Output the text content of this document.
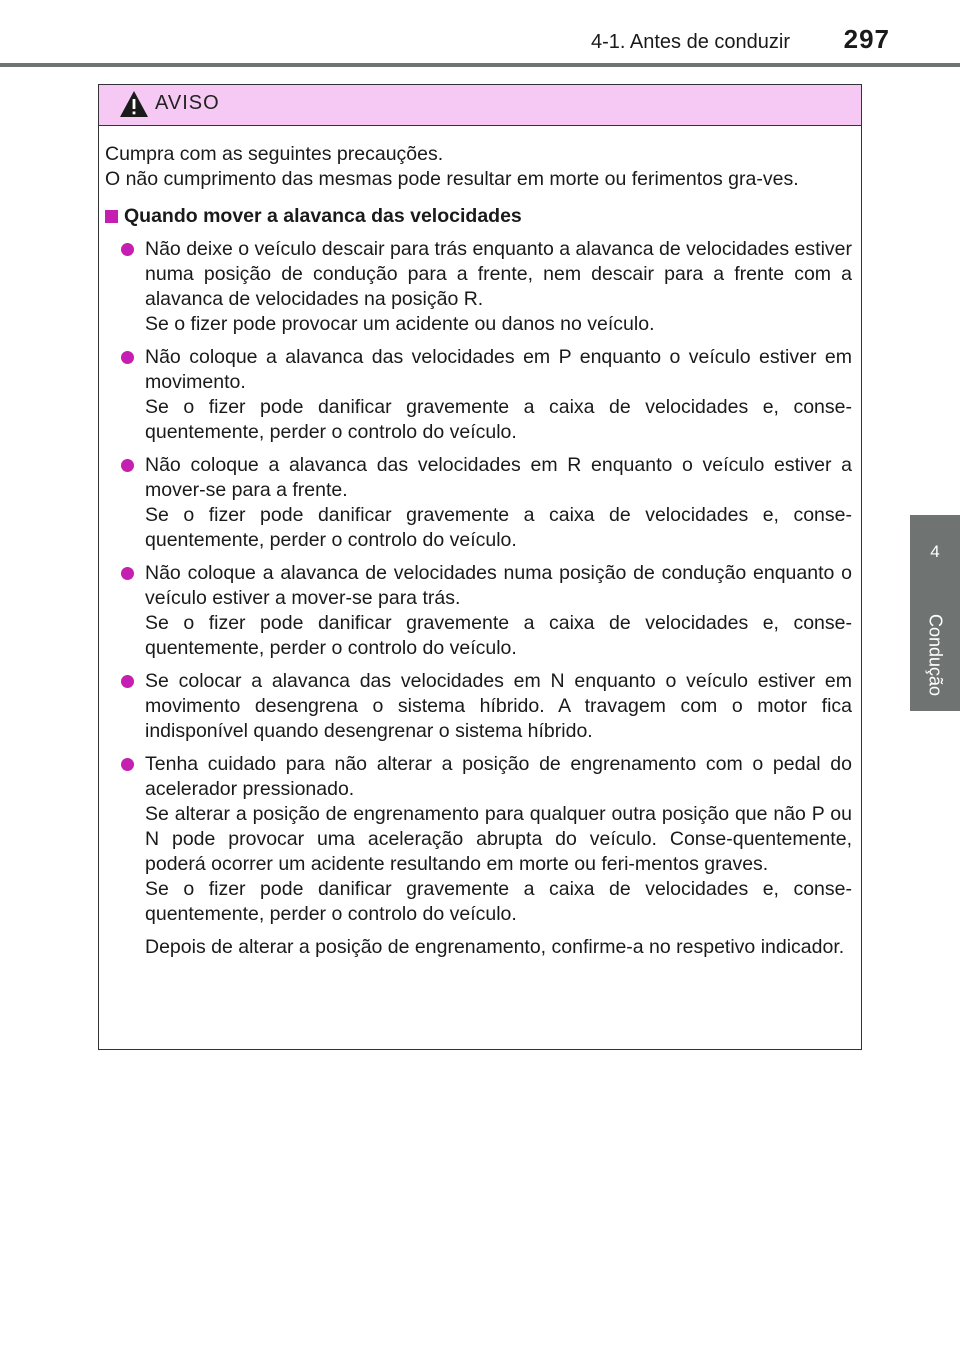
4-1. Antes de conduzir 297
4
Condução
AVISO

Cumpra com as seguintes precauções.

O não cumprimento das mesmas pode resultar em morte ou ferimentos gra-ves.

Quando mover a alavanca das velocidades

Não deixe o veículo descair para trás enquanto a alavanca de velocidades estiver numa posição de condução para a frente, nem descair para a frente com a alavanca de velocidades na posição R.

Se o fizer pode provocar um acidente ou danos no veículo.

Não coloque a alavanca das velocidades em P enquanto o veículo estiver em movimento.

Se o fizer pode danificar gravemente a caixa de velocidades e, conse-quentemente, perder o controlo do veículo.

Não coloque a alavanca das velocidades em R enquanto o veículo estiver a mover-se para a frente.

Se o fizer pode danificar gravemente a caixa de velocidades e, conse-quentemente, perder o controlo do veículo.

Não coloque a alavanca de velocidades numa posição de condução enquanto o veículo estiver a mover-se para trás.

Se o fizer pode danificar gravemente a caixa de velocidades e, conse-quentemente, perder o controlo do veículo.

Se colocar a alavanca das velocidades em N enquanto o veículo estiver em movimento desengrena o sistema híbrido. A travagem com o motor fica indisponível quando desengrenar o sistema híbrido.

Tenha cuidado para não alterar a posição de engrenamento com o pedal do acelerador pressionado.

Se alterar a posição de engrenamento para qualquer outra posição que não P ou N pode provocar uma aceleração abrupta do veículo. Conse-quentemente, poderá ocorrer um acidente resultando em morte ou feri-mentos graves.

Se o fizer pode danificar gravemente a caixa de velocidades e, conse-quentemente, perder o controlo do veículo.

Depois de alterar a posição de engrenamento, confirme-a no respetivo indicador.
